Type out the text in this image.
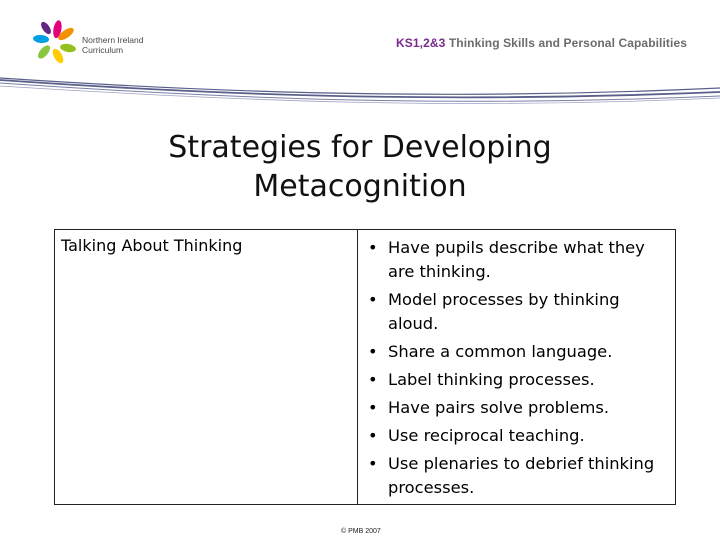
Northern Ireland
Curriculum	KS1,2&3 Thinking Skills and Personal Capabilities
Strategies for Developing
Metacognition
Talking About Thinking	
•Have pupils describe what they are thinking.
• Model processes by thinking aloud.
• Share a common language.
• Label thinking processes.
• Have pairs solve problems.
• Use reciprocal teaching.
• Use plenaries to debrief thinking processes.
© PMB 2007
